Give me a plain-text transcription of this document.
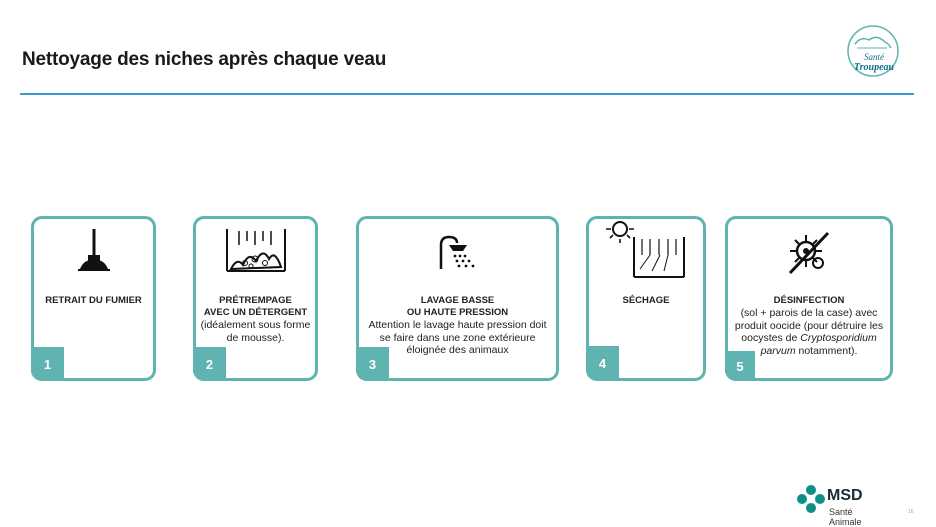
Nettoyage des niches après chaque veau	Santé
Troupeau
RETRAIT DU FUMIER
1
PRÉTREMPAGE
AVEC UN DÉTERGENT
(idéalement sous forme de mousse).
2
LAVAGE BASSE
OU HAUTE PRESSION
Attention le lavage haute pression doit se faire dans une zone extérieure éloignée des animaux
3
SÉCHAGE
4
DÉSINFECTION
(sol + parois de la case) avec produit oocide (pour détruire les oocystes de Cryptosporidium parvum notamment).
5
MSD
Santé Animale
16
